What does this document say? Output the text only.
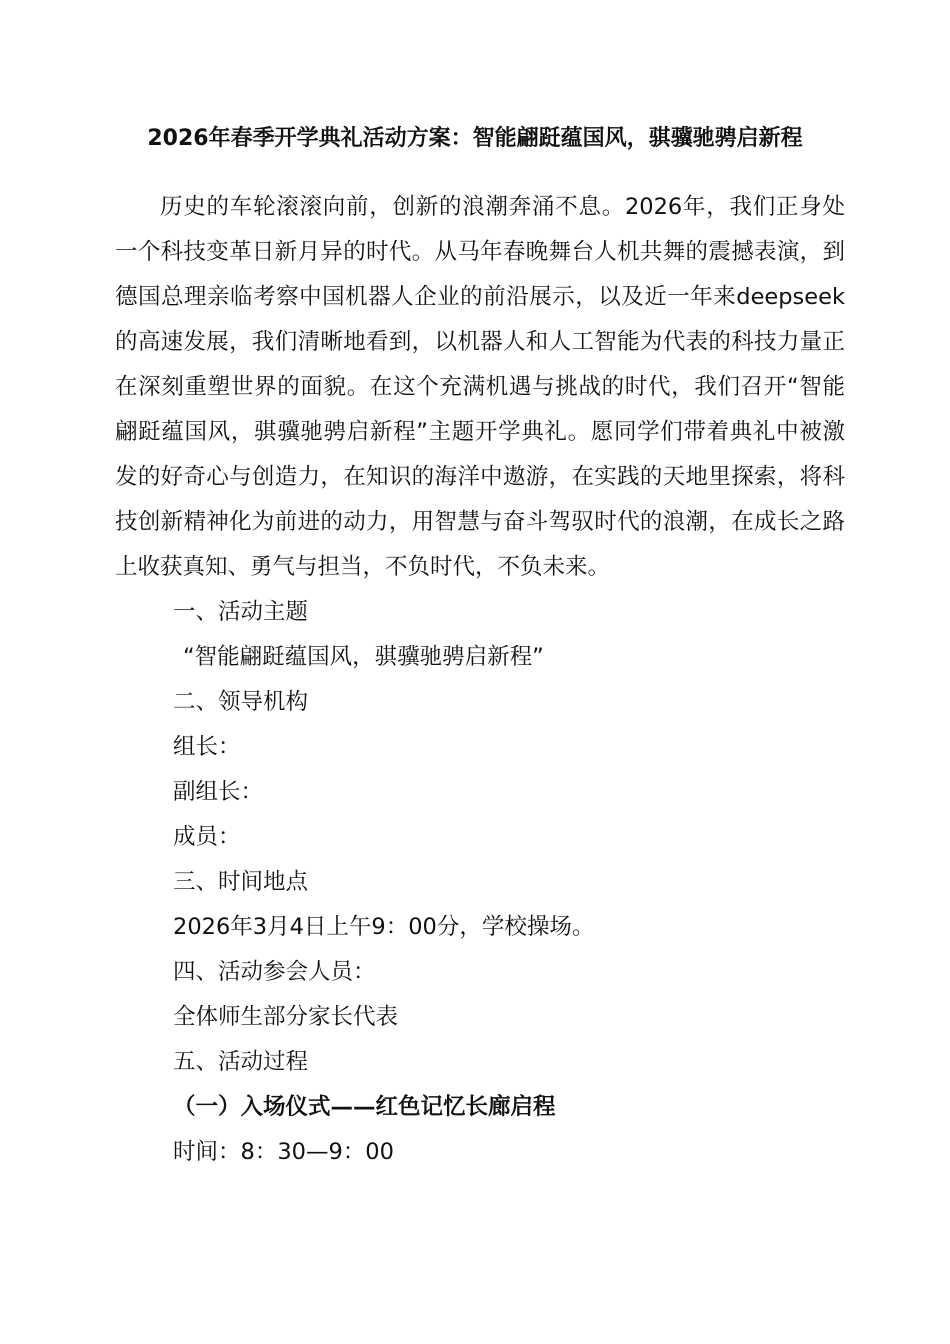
2026年春季开学典礼活动方案：智能翩跹蕴国风，骐骥驰骋启新程

历史的车轮滚滚向前，创新的浪潮奔涌不息。2026年，我们正身处一个科技变革日新月异的时代。从马年春晚舞台人机共舞的震撼表演，到德国总理亲临考察中国机器人企业的前沿展示，以及近一年来deepseek的高速发展，我们清晰地看到，以机器人和人工智能为代表的科技力量正在深刻重塑世界的面貌。在这个充满机遇与挑战的时代，我们召开“智能翩跹蕴国风，骐骥驰骋启新程”主题开学典礼。愿同学们带着典礼中被激发的好奇心与创造力，在知识的海洋中遨游，在实践的天地里探索，将科技创新精神化为前进的动力，用智慧与奋斗驾驭时代的浪潮，在成长之路上收获真知、勇气与担当，不负时代，不负未来。

一、活动主题

“智能翩跹蕴国风，骐骥驰骋启新程”

二、领导机构

组长：

副组长：

成员：

三、时间地点

2026年3月4日上午9：00分，学校操场。

四、活动参会人员：

全体师生部分家长代表

五、活动过程

（一）入场仪式——红色记忆长廊启程

时间：8：30—9：00
